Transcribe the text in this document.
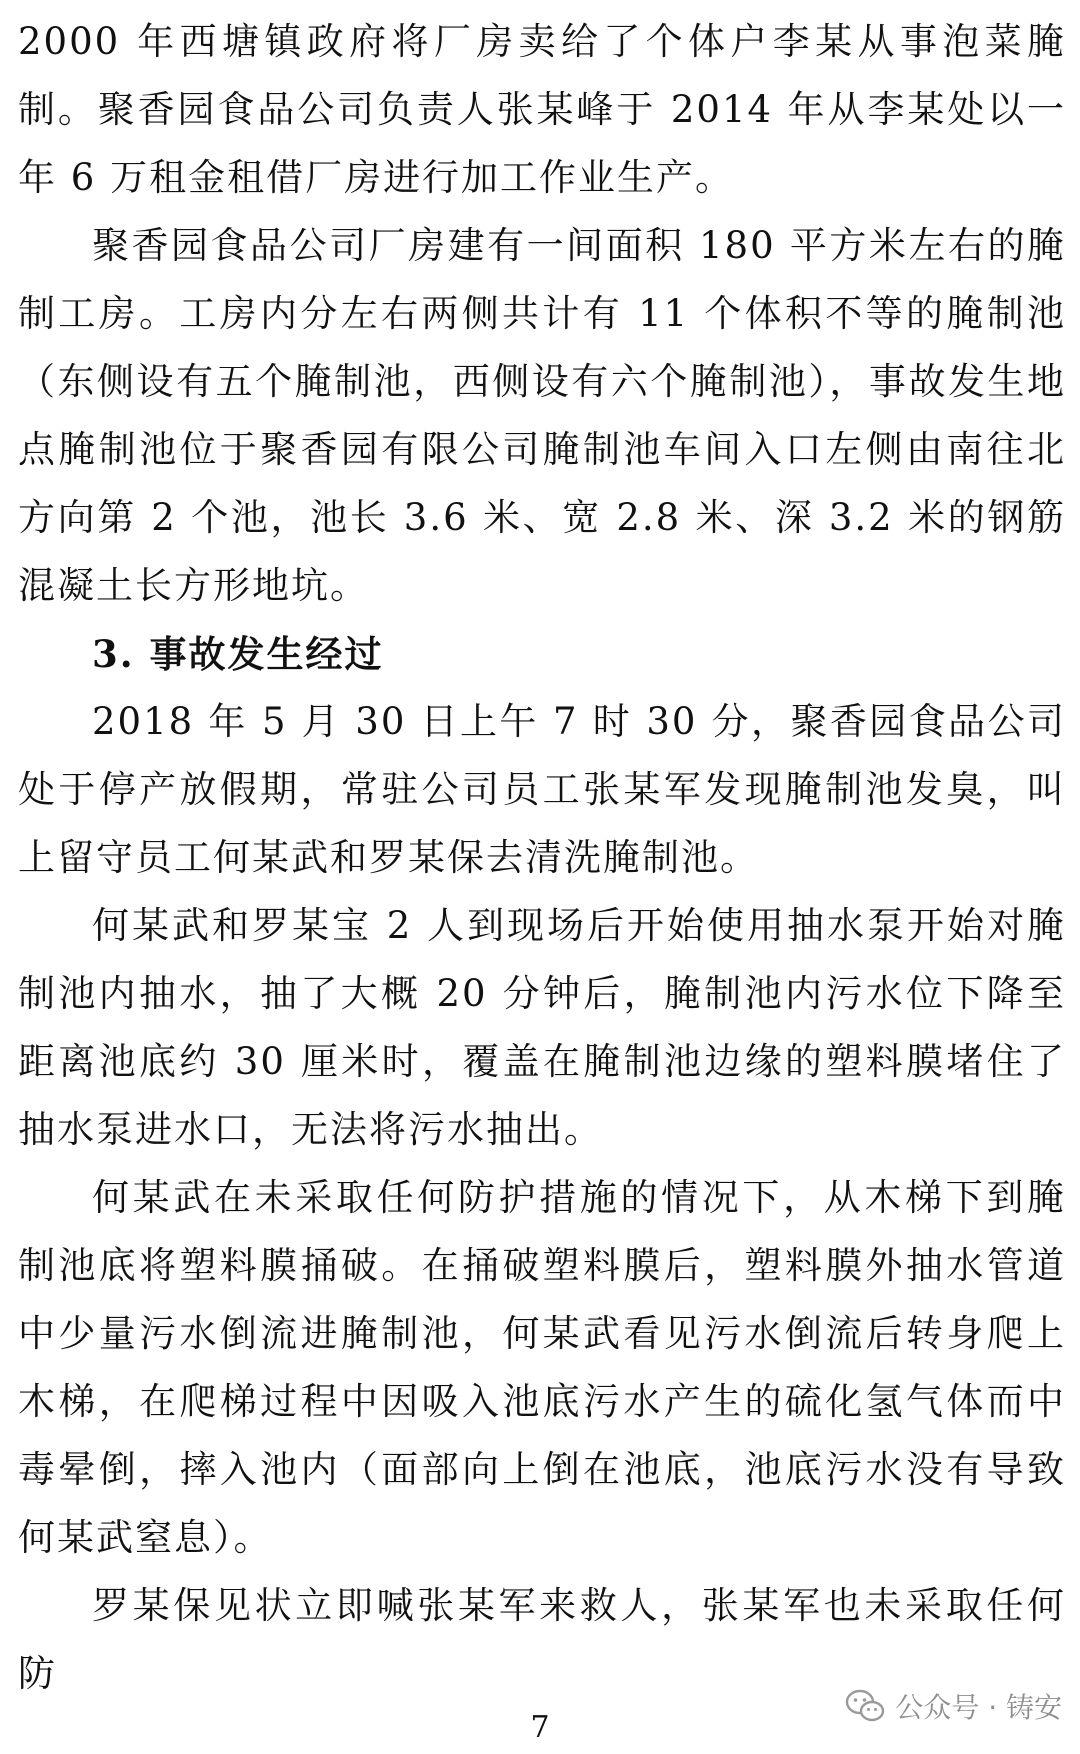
2000 年西塘镇政府将厂房卖给了个体户李某从事泡菜腌制。聚香园食品公司负责人张某峰于 2014 年从李某处以一年 6 万租金租借厂房进行加工作业生产。

聚香园食品公司厂房建有一间面积 180 平方米左右的腌制工房。工房内分左右两侧共计有 11 个体积不等的腌制池（东侧设有五个腌制池，西侧设有六个腌制池），事故发生地点腌制池位于聚香园有限公司腌制池车间入口左侧由南往北方向第 2 个池，池长 3.6 米、宽 2.8 米、深 3.2 米的钢筋混凝土长方形地坑。

3. 事故发生经过

2018 年 5 月 30 日上午 7 时 30 分，聚香园食品公司处于停产放假期，常驻公司员工张某军发现腌制池发臭，叫上留守员工何某武和罗某保去清洗腌制池。

何某武和罗某宝 2 人到现场后开始使用抽水泵开始对腌制池内抽水，抽了大概 20 分钟后，腌制池内污水位下降至距离池底约 30 厘米时，覆盖在腌制池边缘的塑料膜堵住了抽水泵进水口，无法将污水抽出。

何某武在未采取任何防护措施的情况下，从木梯下到腌制池底将塑料膜捅破。在捅破塑料膜后，塑料膜外抽水管道中少量污水倒流进腌制池，何某武看见污水倒流后转身爬上木梯，在爬梯过程中因吸入池底污水产生的硫化氢气体而中毒晕倒，摔入池内（面部向上倒在池底，池底污水没有导致何某武窒息）。

罗某保见状立即喊张某军来救人，张某军也未采取任何防

公众号 · 铸安
7
